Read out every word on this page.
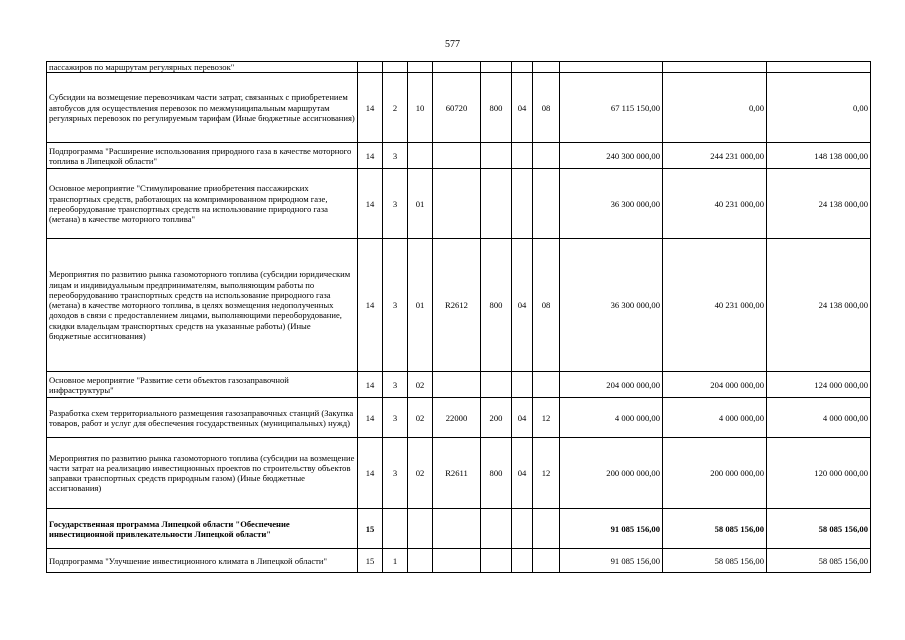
577
пассажиров по маршрутам регулярных перевозок"										
Субсидии на возмещение перевозчикам части затрат, связанных с приобретением автобусов для осуществления перевозок по межмуниципальным маршрутам регулярных перевозок по регулируемым тарифам (Иные бюджетные ассигнования)	14	2	10	60720	800	04	08	67 115 150,00	0,00	0,00
Подпрограмма "Расширение использования природного газа в качестве моторного топлива в Липецкой области"	14	3						240 300 000,00	244 231 000,00	148 138 000,00
Основное мероприятие "Стимулирование приобретения пассажирских транспортных средств, работающих на компримированном природном газе, переоборудование транспортных средств на использование природного газа (метана) в качестве моторного топлива"	14	3	01					36 300 000,00	40 231 000,00	24 138 000,00
Мероприятия по развитию рынка газомоторного топлива (субсидии юридическим лицам и индивидуальным предпринимателям, выполняющим работы по переоборудованию транспортных средств на использование природного газа (метана) в качестве моторного топлива, в целях возмещения недополученных доходов в связи с предоставлением лицами, выполняющими переоборудование, скидки владельцам транспортных средств на указанные работы) (Иные бюджетные ассигнования)	14	3	01	R2612	800	04	08	36 300 000,00	40 231 000,00	24 138 000,00
Основное мероприятие "Развитие сети объектов газозаправочной инфраструктуры"	14	3	02					204 000 000,00	204 000 000,00	124 000 000,00
Разработка схем территориального размещения газозаправочных станций (Закупка товаров, работ и услуг для обеспечения государственных (муниципальных) нужд)	14	3	02	22000	200	04	12	4 000 000,00	4 000 000,00	4 000 000,00
Мероприятия по развитию рынка газомоторного топлива (субсидии на возмещение части затрат на реализацию инвестиционных проектов по строительству объектов заправки транспортных средств природным газом) (Иные бюджетные ассигнования)	14	3	02	R2611	800	04	12	200 000 000,00	200 000 000,00	120 000 000,00
Государственная программа Липецкой области "Обеспечение инвестиционной привлекательности Липецкой области"	15							91 085 156,00	58 085 156,00	58 085 156,00
Подпрограмма "Улучшение инвестиционного климата в Липецкой области"	15	1						91 085 156,00	58 085 156,00	58 085 156,00
